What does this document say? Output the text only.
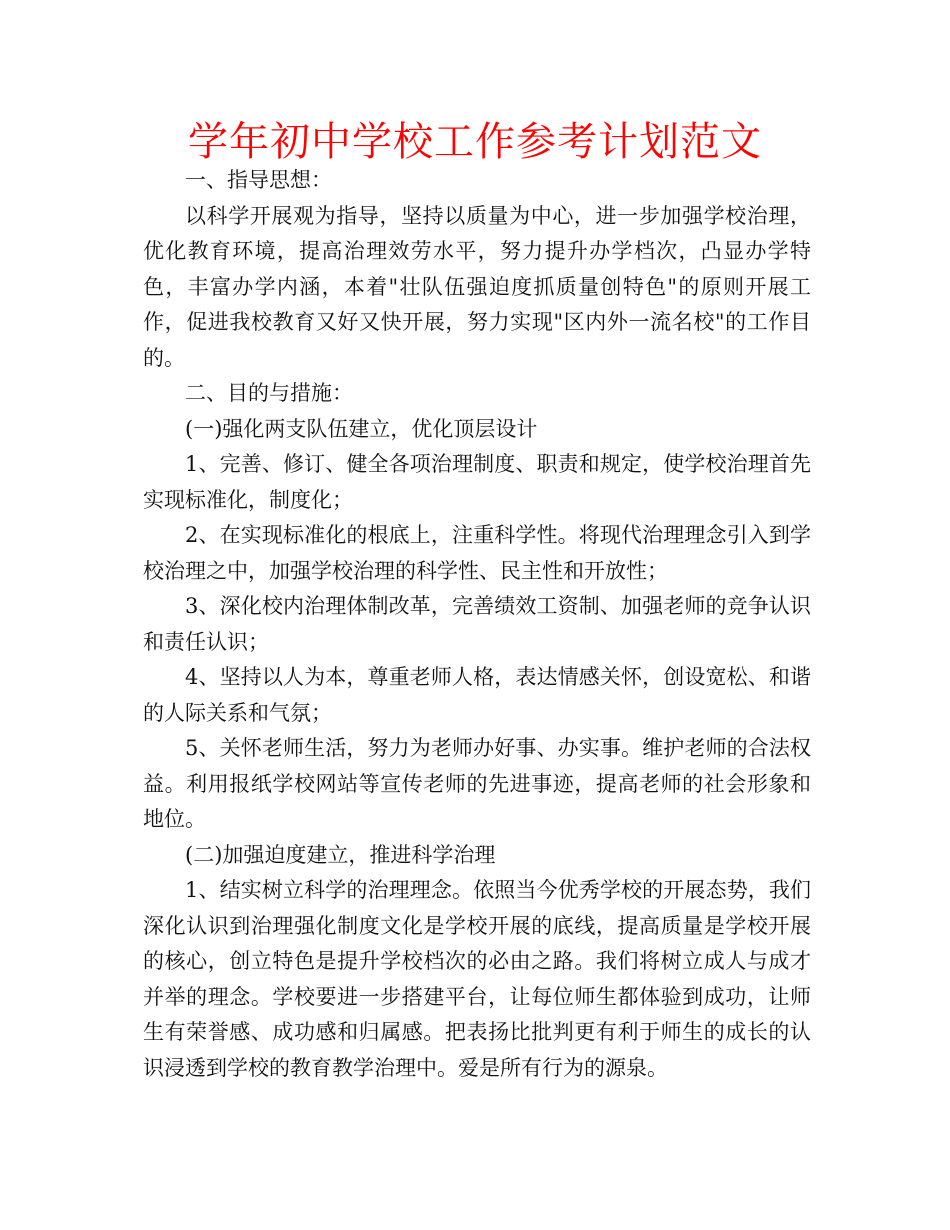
学年初中学校工作参考计划范文

一、指导思想：

以科学开展观为指导，坚持以质量为中心，进一步加强学校治理，优化教育环境，提高治理效劳水平，努力提升办学档次，凸显办学特色，丰富办学内涵，本着"壮队伍强迫度抓质量创特色"的原则开展工作，促进我校教育又好又快开展，努力实现"区内外一流名校"的工作目的。

二、目的与措施：

(一)强化两支队伍建立，优化顶层设计

1、完善、修订、健全各项治理制度、职责和规定，使学校治理首先实现标准化，制度化；

2、在实现标准化的根底上，注重科学性。将现代治理理念引入到学校治理之中，加强学校治理的科学性、民主性和开放性；

3、深化校内治理体制改革，完善绩效工资制、加强老师的竞争认识和责任认识；

4、坚持以人为本，尊重老师人格，表达情感关怀，创设宽松、和谐的人际关系和气氛；

5、关怀老师生活，努力为老师办好事、办实事。维护老师的合法权益。利用报纸学校网站等宣传老师的先进事迹，提高老师的社会形象和地位。

(二)加强迫度建立，推进科学治理

1、结实树立科学的治理理念。依照当今优秀学校的开展态势，我们深化认识到治理强化制度文化是学校开展的底线，提高质量是学校开展的核心，创立特色是提升学校档次的必由之路。我们将树立成人与成才并举的理念。学校要进一步搭建平台，让每位师生都体验到成功，让师生有荣誉感、成功感和归属感。把表扬比批判更有利于师生的成长的认识浸透到学校的教育教学治理中。爱是所有行为的源泉。
